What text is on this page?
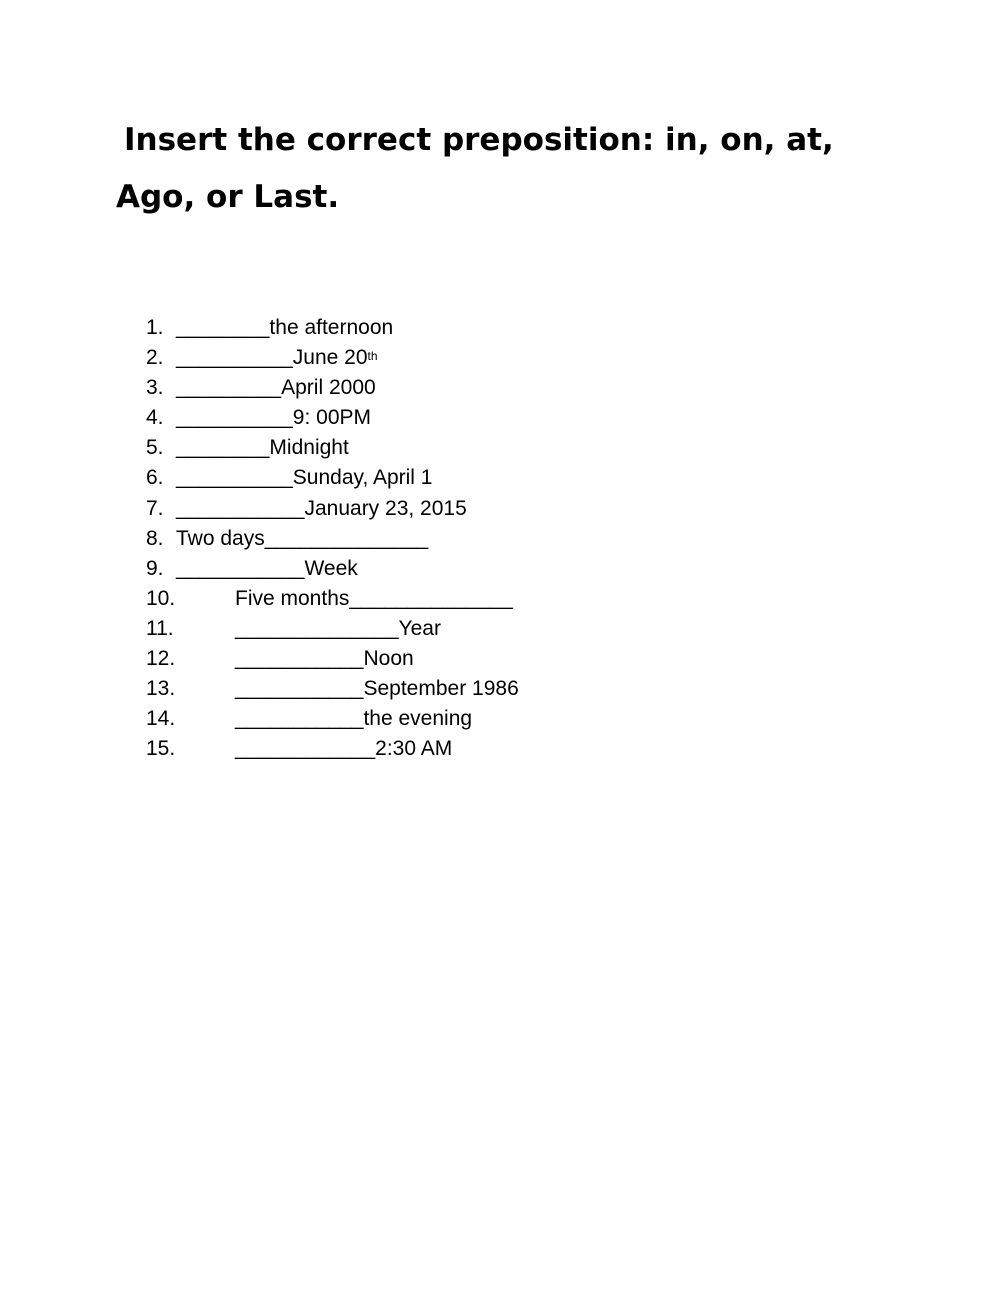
Insert the correct preposition: in, on, at, Ago, or Last.
1. ________the afternoon
2. __________June 20th
3. _________April 2000
4. __________9: 00PM
5. ________Midnight
6. __________Sunday, April 1
7. ___________January 23, 2015
8. Two days______________
9. ___________Week
10.	Five months______________
11.	______________Year
12.	___________Noon
13.	___________September 1986
14.	___________the evening
15.	____________2:30 AM
